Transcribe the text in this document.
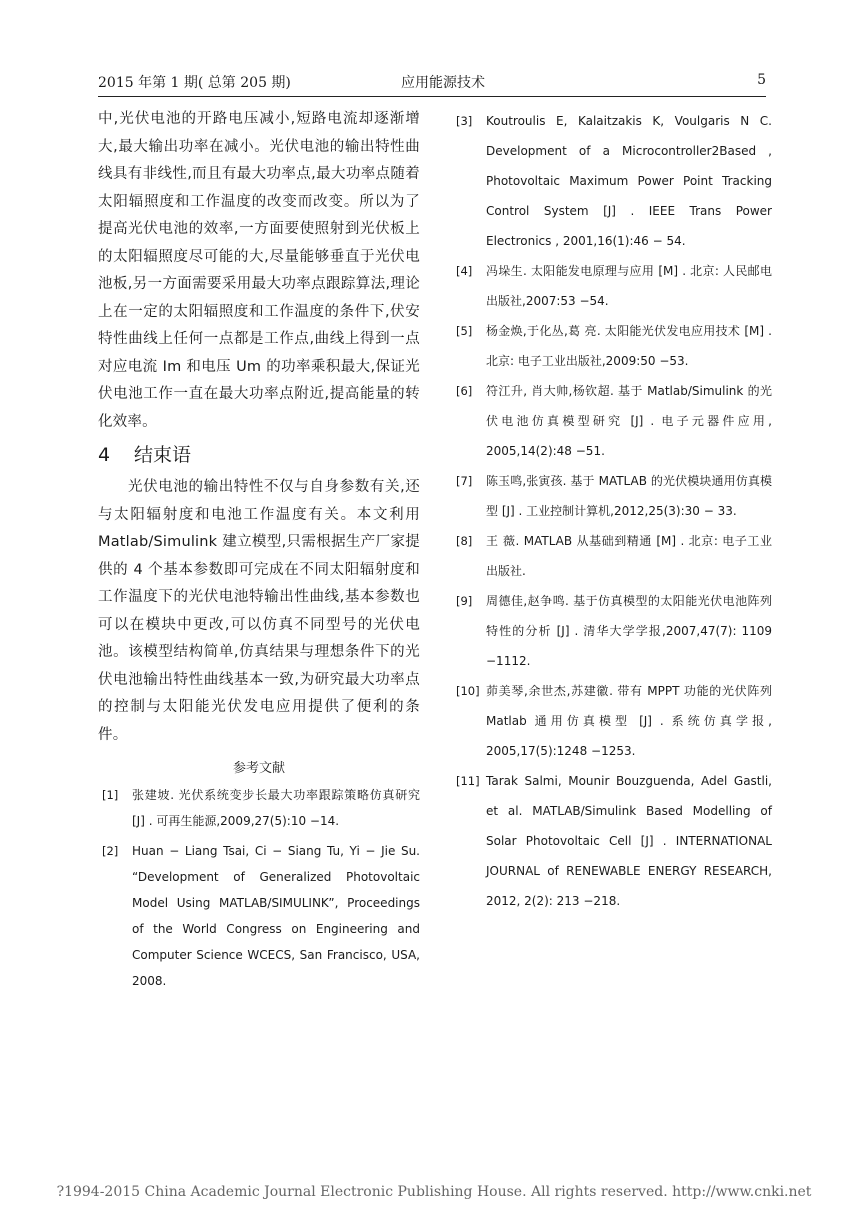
2015 年第 1 期( 总第 205 期)	应用能源技术	5

中,光伏电池的开路电压减小,短路电流却逐渐增大,最大输出功率在减小。光伏电池的输出特性曲线具有非线性,而且有最大功率点,最大功率点随着太阳辐照度和工作温度的改变而改变。所以为了提高光伏电池的效率,一方面要使照射到光伏板上的太阳辐照度尽可能的大,尽量能够垂直于光伏电池板,另一方面需要采用最大功率点跟踪算法,理论上在一定的太阳辐照度和工作温度的条件下,伏安特性曲线上任何一点都是工作点,曲线上得到一点对应电流 Im 和电压 Um 的功率乘积最大,保证光伏电池工作一直在最大功率点附近,提高能量的转化效率。

4 结束语

光伏电池的输出特性不仅与自身参数有关,还与太阳辐射度和电池工作温度有关。本文利用 Matlab/Simulink 建立模型,只需根据生产厂家提供的 4 个基本参数即可完成在不同太阳辐射度和工作温度下的光伏电池特输出性曲线,基本参数也可以在模块中更改,可以仿真不同型号的光伏电池。该模型结构简单,仿真结果与理想条件下的光伏电池输出特性曲线基本一致,为研究最大功率点的控制与太阳能光伏发电应用提供了便利的条件。

参考文献
[1] 张建坡. 光伏系统变步长最大功率跟踪策略仿真研究 [J] . 可再生能源,2009,27(5):10 −14.
[2] Huan − Liang Tsai, Ci − Siang Tu, Yi − Jie Su. “Development of Generalized Photovoltaic Model Using MATLAB/SIMULINK”, Proceedings of the World Congress on Engineering and Computer Science WCECS, San Francisco, USA, 2008.
[3] Koutroulis E, Kalaitzakis K, Voulgaris N C. Development of a Microcontroller2Based , Photovoltaic Maximum Power Point Tracking Control System [J] . IEEE Trans Power Electronics , 2001,16(1):46 − 54.
[4] 冯垛生. 太阳能发电原理与应用 [M] . 北京: 人民邮电出版社,2007:53 −54.
[5] 杨金焕,于化丛,葛 亮. 太阳能光伏发电应用技术 [M] . 北京: 电子工业出版社,2009:50 −53.
[6] 符江升, 肖大帅,杨钦超. 基于 Matlab/Simulink 的光伏电池仿真模型研究 [J] . 电子元器件应用, 2005,14(2):48 −51.
[7] 陈玉鸣,张寅孩. 基于 MATLAB 的光伏模块通用仿真模型 [J] . 工业控制计算机,2012,25(3):30 − 33.
[8] 王 薇. MATLAB 从基础到精通 [M] . 北京: 电子工业出版社.
[9] 周德佳,赵争鸣. 基于仿真模型的太阳能光伏电池阵列特性的分析 [J] . 清华大学学报,2007,47(7): 1109 −1112.
[10] 茆美琴,余世杰,苏建徽. 带有 MPPT 功能的光伏阵列 Matlab 通用仿真模型 [J] . 系统仿真学报, 2005,17(5):1248 −1253.
[11] Tarak Salmi, Mounir Bouzguenda, Adel Gastli, et al. MATLAB/Simulink Based Modelling of Solar Photovoltaic Cell [J] . INTERNATIONAL JOURNAL of RENEWABLE ENERGY RESEARCH, 2012, 2(2): 213 −218.
?1994-2015 China Academic Journal Electronic Publishing House. All rights reserved. http://www.cnki.net
